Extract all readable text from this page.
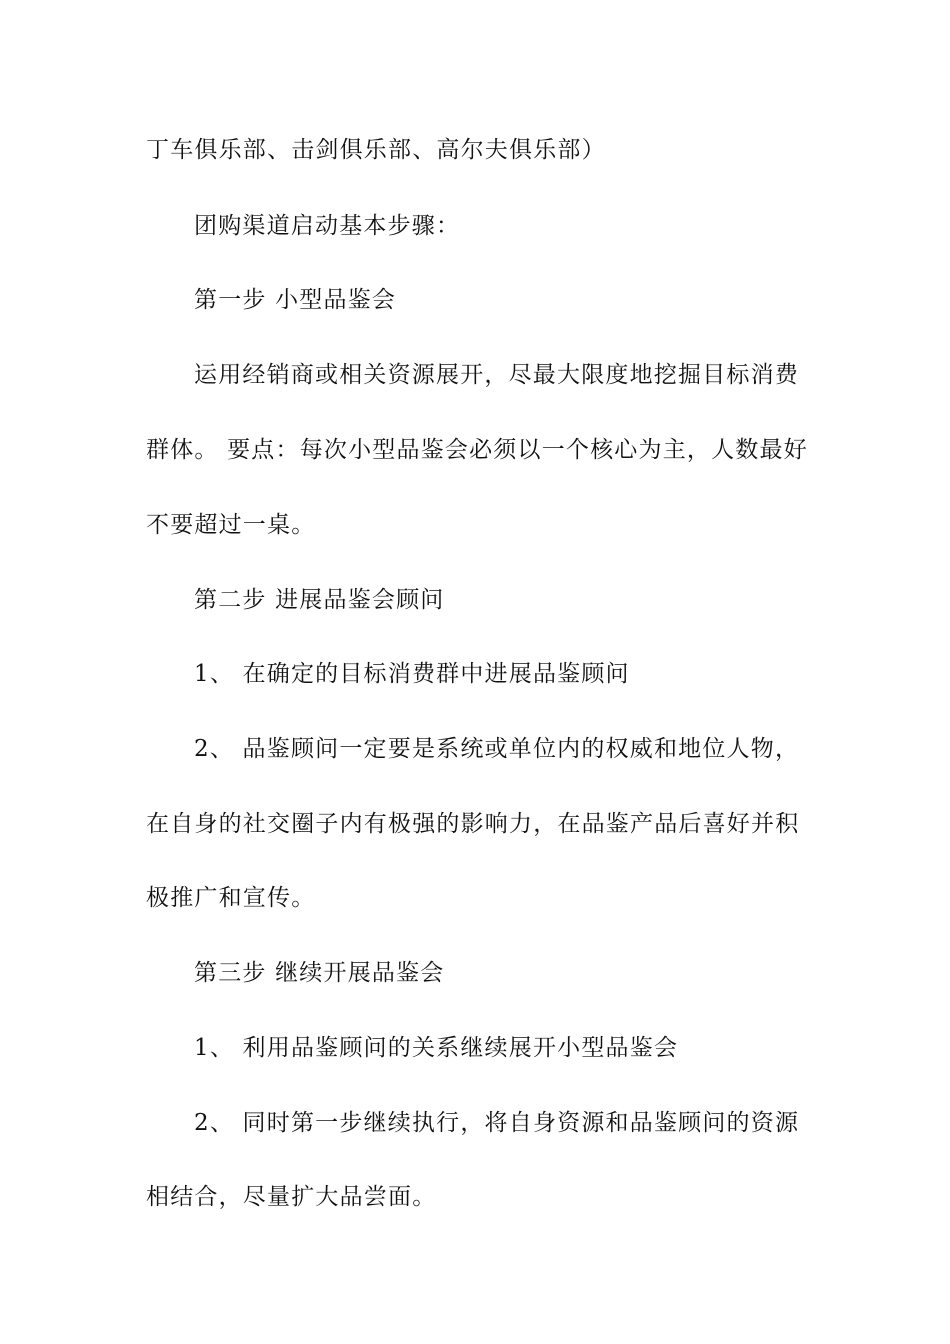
丁车俱乐部、击剑俱乐部、高尔夫俱乐部）
团购渠道启动基本步骤：
第一步 小型品鉴会
运用经销商或相关资源展开，尽最大限度地挖掘目标消费
群体。 要点：每次小型品鉴会必须以一个核心为主，人数最好
不要超过一桌。
第二步 进展品鉴会顾问
1、 在确定的目标消费群中进展品鉴顾问
2、 品鉴顾问一定要是系统或单位内的权威和地位人物，
在自身的社交圈子内有极强的影响力，在品鉴产品后喜好并积
极推广和宣传。
第三步 继续开展品鉴会
1、 利用品鉴顾问的关系继续展开小型品鉴会
2、 同时第一步继续执行，将自身资源和品鉴顾问的资源
相结合，尽量扩大品尝面。
